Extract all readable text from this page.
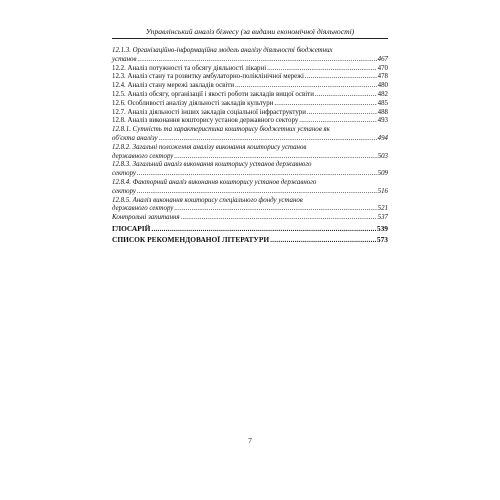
Управлінський аналіз бізнесу (за видами економічної діяльності)
12.1.3. Організаційно-інформаційна модель аналізу діяльності бюджетних
установ .....	467
12.2. Аналіз потужності та обсягу діяльності лікарні .....	470
12.3. Аналіз стану та розвитку амбулаторно-поліклінічної мережі .....	478
12.4. Аналіз стану мережі закладів освіти .....	480
12.5. Аналіз обсягу, організації і якості роботи закладів вищої освіти .....	482
12.6. Особливості аналізу діяльності закладів культури .....	485
12.7. Аналіз діяльності інших закладів соціальної інфраструктури .....	488
12.8. Аналіз виконання кошторису установ державного сектору .....	493
12.8.1. Сутність та характеристика кошторису бюджетних установ як
об'єкта аналізу .....	494
12.8.2. Загальні положення аналізу виконання кошторису установ
державного сектору .....	503
12.8.3. Загальний аналіз виконання кошторису установ державного
сектору .....	509
12.8.4. Факторний аналіз виконання кошторису установ державного
сектору .....	516
12.8.5. Аналіз виконання кошторису спеціального фонду установ
державного сектору .....	521
Контрольні запитання .....	537
ГЛОСАРІЙ .....	539
СПИСОК РЕКОМЕНДОВАНОЇ ЛІТЕРАТУРИ .....	573
7
